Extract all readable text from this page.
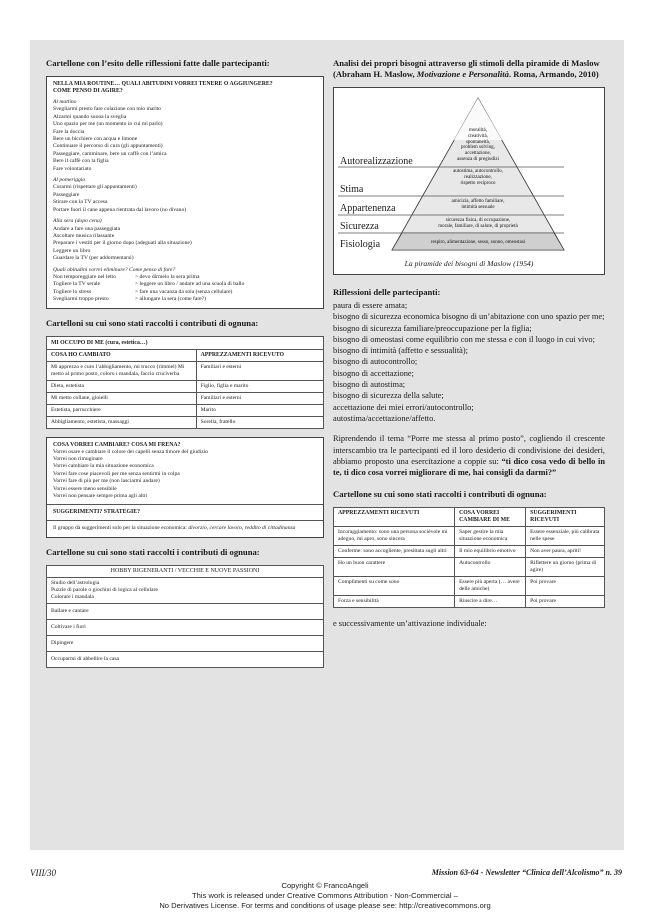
Cartellone con l’esito delle riflessioni fatte dalle partecipanti:
NELLA MIA ROUTINE… QUALI ABITUDINI VORREI TENERE O AGGIUNGERE?
COME PENSO DI AGIRE?
Al mattino
Svegliarmi presto fare colazione con mio marito
Alzarmi quando suona la sveglia
Uno spazio per me (un momento in cui mi parlo)
Fare la doccia
Bere un bicchiere con acqua e limone
Continuare il percorso di cura (gli appuntamenti)
Passeggiare, camminare, bere un caffè con l’amica
Bere il caffè con la figlia
Fare volontariato
Al pomeriggio
Curarmi (rispettare gli appuntamenti)
Passeggiare
Stirare con la TV accesa
Portare fuori il cane appena rientrata dal lavoro (no divano)
Alla sera (dopo cena)
Andare a fare una passeggiata
Ascoltare musica rilassante
Preparare i vestiti per il giorno dopo (adeguati alla situazione)
Leggere un libro
Guardare la TV (per addormentarsi)
Quali abitudini vorrei eliminare? Come penso di fare?
Non temporeggiare nel letto	> devo dirmelo la sera prima
Togliere la TV serale	> leggere un libro / andare ad una scuola di ballo
Togliere lo stress	> fare una vacanza da sola (senza cellulare)
Svegliarmi troppo presto	> allungare la sera (come fare?)
Cartelloni su cui sono stati raccolti i contributi di ognuna:
MI OCCUPO DI ME (cura, estetica…)
COSA HO CAMBIATO	APPREZZAMENTI RICEVUTO
Mi apprezzo e curo l’abbigliamento, mi trucco (rimmel) Mi metto al primo posto, coloro i mandala, faccio cruciverba	Familiari e esterni
Dieta, estetista	Figlio, figlia e marito
Mi metto collane, gioielli	Familiari e esterni
Estetista, parrucchiere	Marito
Abbigliamento, estetista, massaggi	Sorella, fratello
COSA VORREI CAMBIARE? COSA MI FRENA?
Vorrei osare e cambiare il colore dei capelli senza timore del giudizio
Vorrei non rimuginare
Vorrei cambiare la mia situazione economica
Vorrei fare cose piacevoli per me senza sentirmi in colpa
Vorrei fare di più per me (non lasciarmi andare)
Vorrei essere meno sensibile
Vorrei non pensare sempre prima agli altri
SUGGERIMENTI? STRATEGIE?
Il gruppo dà suggerimenti solo per la situazione economica: divorzio, cercare lavoro, reddito di cittadinanza
Cartellone su cui sono stati raccolti i contributi di ognuna:
HOBBY RIGENERANTI / VECCHIE E NUOVE PASSIONI

Studio dell’astrologia
Puzzle di parole o giochini di logica al cellulare
Colorare i mandala

Ballare e cantare
Coltivare i fiori
Dipingere
Occuparmi di abbellire la casa
Analisi dei propri bisogni attraverso gli stimoli della piramide di Maslow (Abraham H. Maslow, Motivazione e Personalità. Roma, Armando, 2010)
Autorealizzazione
Stima
Appartenenza
Sicurezza
Fisiologia
moralità,
creatività,
spontaneità,
problem solving,
accettazione,
assenza di pregiudizi
autostima, autocontrollo,
realizzazione,
rispetto reciproco
amicizia, affetto familiare,
intimità sessuale
sicurezza fisica, di occupazione,
morale, familiare, di salute, di proprietà
respiro, alimentazione, sesso, sonno, omeostasi
La piramide dei bisogni di Maslow (1954)
Riflessioni delle partecipanti:
paura di essere amata;
bisogno di sicurezza economica bisogno di un’abitazione con uno spazio per me;
bisogno di sicurezza familiare/preoccupazione per la figlia;
bisogno di omeostasi come equilibrio con me stessa e con il luogo in cui vivo;
bisogno di intimità (affetto e sessualità);
bisogno di autocontrollo;
bisogno di accettazione;
bisogno di autostima;
bisogno di sicurezza della salute;
accettazione dei miei errori/autocontrollo;
autostima/accettazione/affetto.
Riprendendo il tema “Porre me stessa al primo posto”, cogliendo il crescente interscambio tra le partecipanti ed il loro desiderio di condivisione dei desideri, abbiamo proposto una esercitazione a coppie su: “ti dico cosa vedo di bello in te, ti dico cosa vorrei migliorare di me, hai consigli da darmi?”
Cartellone su cui sono stati raccolti i contributi di ognuna:
APPREZZAMENTI RICEVUTI	COSA VORREI CAMBIARE DI ME	SUGGERIMENTI RICEVUTI
Incoraggiamento: sono una persona sociévole mi adeguo, mi apro, sono sincera	Saper gestire la mia situazione economica	Essere essenziale, più calibrata nelle spese
Conferme: sono accogliente, presittata sugli altri	Il mio equilibrio emotivo	Non aver paura, aprìti!
Ho un buon carattere	Autocontrollo	Riflettere un giorno (prima di agire)
Complimenti su come sono	Essere più aperta (… avere delle amiche)	Poi provare
Forza e sensibilità	Riuscire a dire…	Poi provare
e successivamente un’attivazione individuale:
VIII/30	Mission 63-64 - Newsletter “Clinica dell’Alcolismo” n. 39
Copyright © FrancoAngeli
This work is released under Creative Commons Attribution - Non-Commercial –
No Derivatives License. For terms and conditions of usage please see: http://creativecommons.org
